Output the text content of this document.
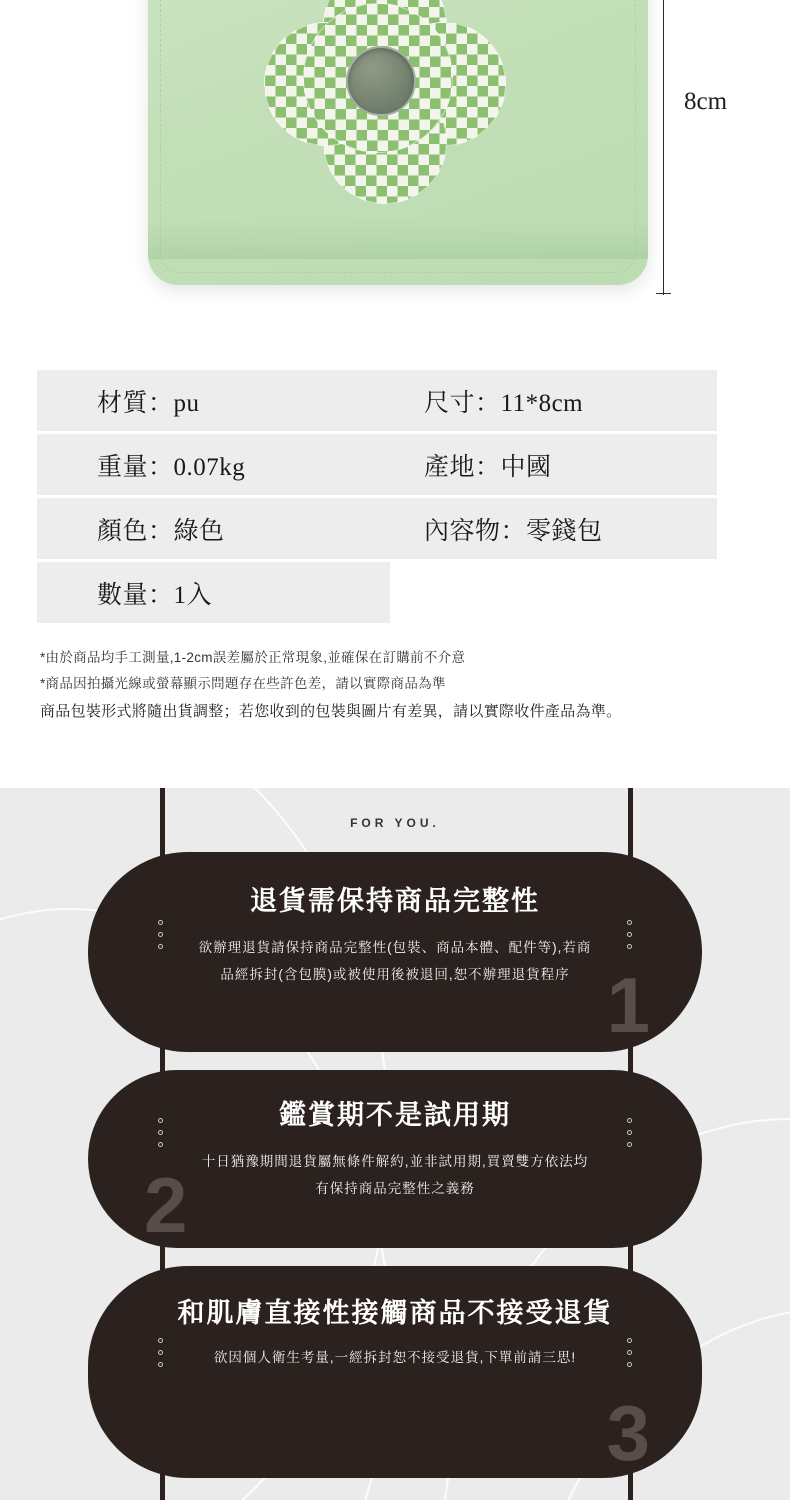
8cm
材質：pu	尺寸：11*8cm
重量：0.07kg	產地：中國
顏色：綠色	內容物：零錢包
數量：1入
*由於商品均手工測量,1-2cm誤差屬於正常現象,並確保在訂購前不介意
*商品因拍攝光線或螢幕顯示問題存在些許色差，請以實際商品為準
商品包裝形式將隨出貨調整；若您收到的包裝與圖片有差異，請以實際收件產品為準。
FOR YOU.
退貨需保持商品完整性
欲辦理退貨請保持商品完整性(包裝、商品本體、配件等),若商品經拆封(含包膜)或被使用後被退回,恕不辦理退貨程序 1
鑑賞期不是試用期
十日猶豫期間退貨屬無條件解約,並非試用期,買賣雙方依法均有保持商品完整性之義務
2
和肌膚直接性接觸商品不接受退貨
欲因個人衛生考量,一經拆封恕不接受退貨,下單前請三思!
3
